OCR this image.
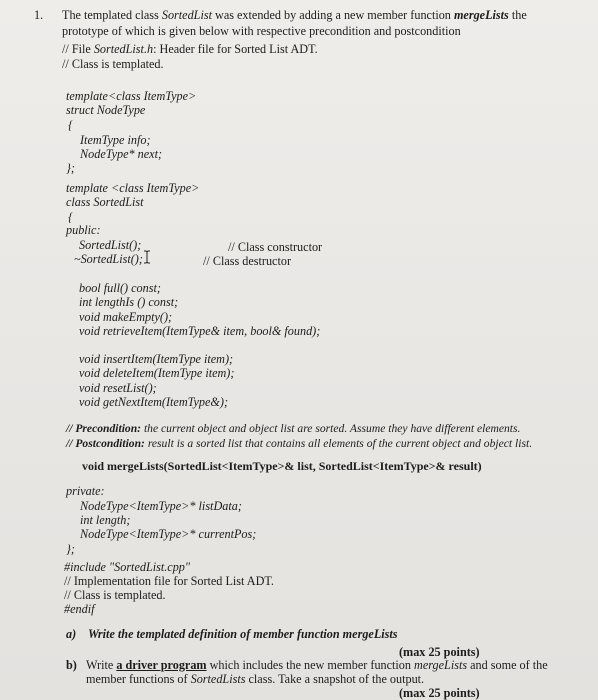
1. The templated class SortedList was extended by adding a new member function mergeLists the
prototype of which is given below with respective precondition and postcondition
// File SortedList.h: Header file for Sorted List ADT.
// Class is templated.
template<class ItemType>
struct NodeType
{
ItemType info;
NodeType* next;
};
template <class ItemType>
class SortedList
{
public:
SortedList();	// Class constructor
~SortedList();	// Class destructor
bool full() const;
int lengthIs () const;
void makeEmpty();
void retrieveItem(ItemType& item, bool& found);
void insertItem(ItemType item);
void deleteItem(ItemType item);
void resetList();
void getNextItem(ItemType&);
// Precondition: the current object and object list are sorted. Assume they have different elements.
// Postcondition: result is a sorted list that contains all elements of the current object and object list.
void mergeLists(SortedList<ItemType>& list, SortedList<ItemType>& result)
private:
NodeType<ItemType>* listData;
int length;
NodeType<ItemType>* currentPos;
};
#include "SortedList.cpp"
// Implementation file for Sorted List ADT.
// Class is templated.
#endif
a) Write the templated definition of member function mergeLists
(max 25 points)
b) Write a driver program which includes the new member function mergeLists and some of the
member functions of SortedLists class. Take a snapshot of the output.
(max 25 points)
